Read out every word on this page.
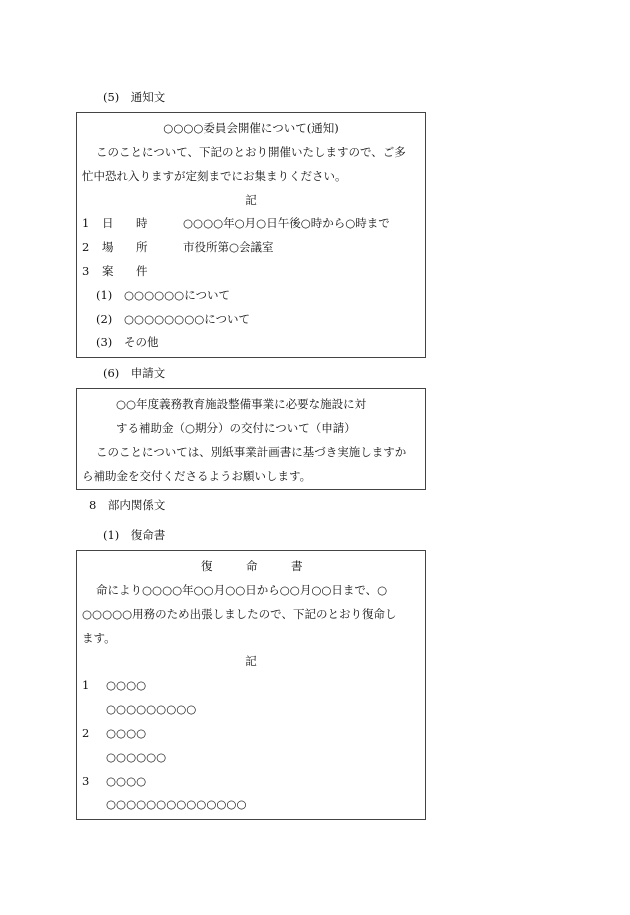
(5)　通知文
○○○○委員会開催について(通知)
このことについて、下記のとおり開催いたしますので、ご多
忙中恐れ入りますが定刻までにお集まりください。
記
1 日 時	○○○○年○月○日午後○時から○時まで
2 場 所	市役所第○会議室
3 案 件
(1) ○○○○○○について
(2) ○○○○○○○○について
(3) その他
(6)　申請文
○○年度義務教育施設整備事業に必要な施設に対
する補助金（○期分）の交付について（申請）
このことについては、別紙事業計画書に基づき実施しますか
ら補助金を交付くださるようお願いします。
8　部内関係文
(1)　復命書
復	命	書
命により○○○○年○○月○○日から○○月○○日まで、○
○○○○○用務のため出張しましたので、下記のとおり復命し
ます。
記
1 ○○○○
○○○○○○○○○
2 ○○○○
○○○○○○
3 ○○○○
○○○○○○○○○○○○○○
